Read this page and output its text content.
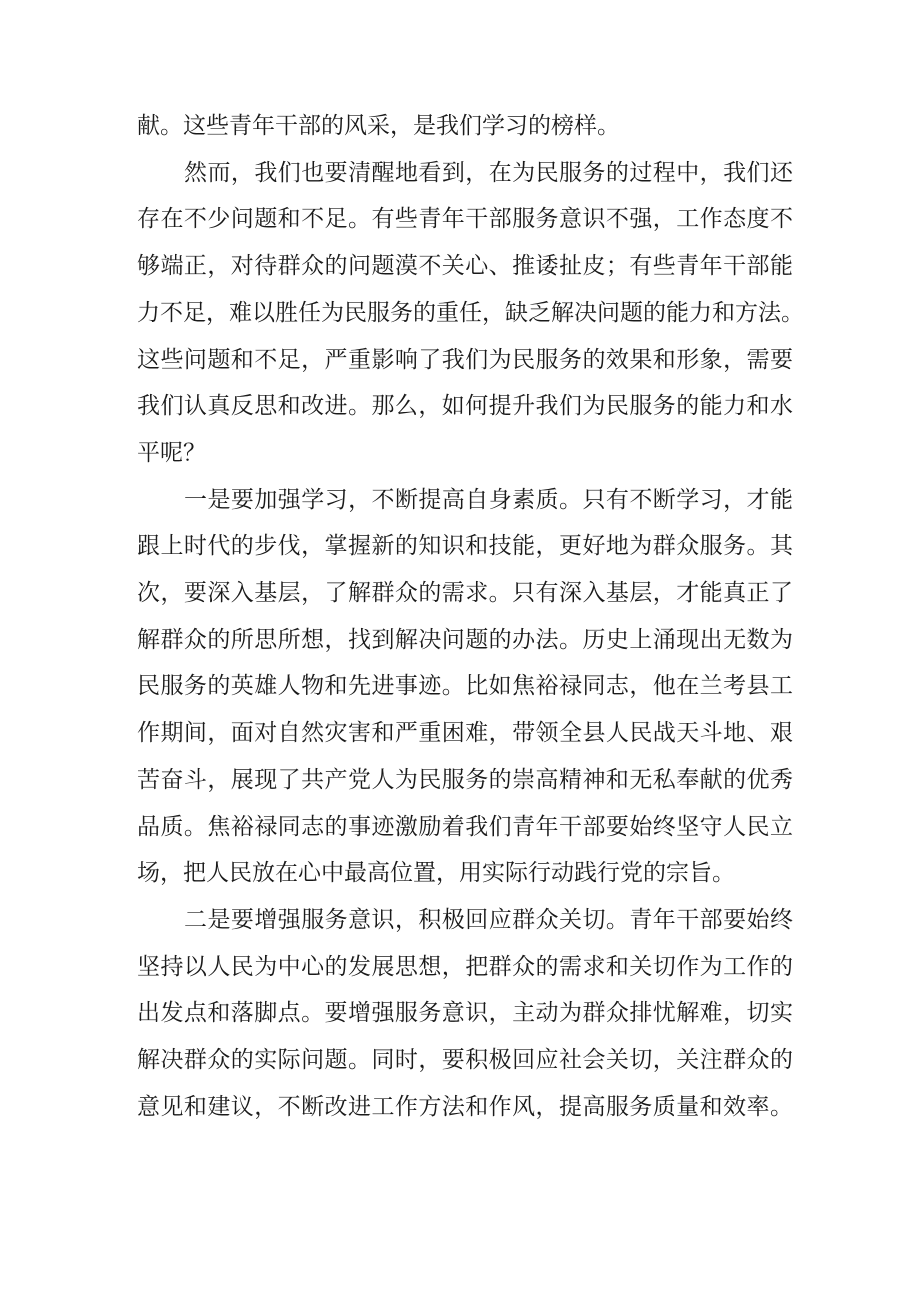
献。这些青年干部的风采，是我们学习的榜样。
然而，我们也要清醒地看到，在为民服务的过程中，我们还
存在不少问题和不足。有些青年干部服务意识不强，工作态度不
够端正，对待群众的问题漠不关心、推诿扯皮；有些青年干部能
力不足，难以胜任为民服务的重任，缺乏解决问题的能力和方法。
这些问题和不足，严重影响了我们为民服务的效果和形象，需要
我们认真反思和改进。那么，如何提升我们为民服务的能力和水
平呢？
一是要加强学习，不断提高自身素质。只有不断学习，才能
跟上时代的步伐，掌握新的知识和技能，更好地为群众服务。其
次，要深入基层，了解群众的需求。只有深入基层，才能真正了
解群众的所思所想，找到解决问题的办法。历史上涌现出无数为
民服务的英雄人物和先进事迹。比如焦裕禄同志，他在兰考县工
作期间，面对自然灾害和严重困难，带领全县人民战天斗地、艰
苦奋斗，展现了共产党人为民服务的崇高精神和无私奉献的优秀
品质。焦裕禄同志的事迹激励着我们青年干部要始终坚守人民立
场，把人民放在心中最高位置，用实际行动践行党的宗旨。
二是要增强服务意识，积极回应群众关切。青年干部要始终
坚持以人民为中心的发展思想，把群众的需求和关切作为工作的
出发点和落脚点。要增强服务意识，主动为群众排忧解难，切实
解决群众的实际问题。同时，要积极回应社会关切，关注群众的
意见和建议，不断改进工作方法和作风，提高服务质量和效率。
